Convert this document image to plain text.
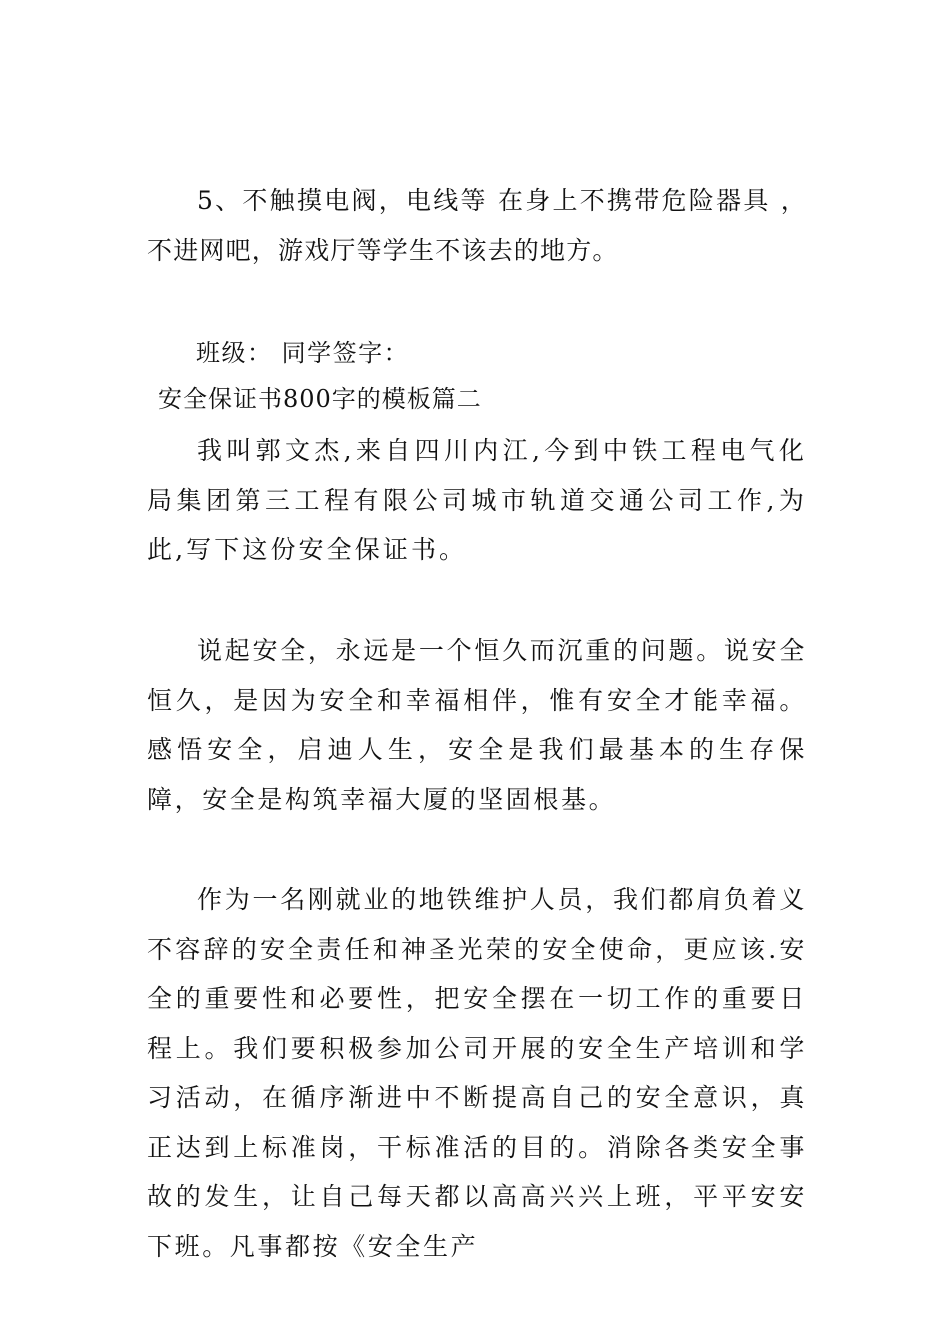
5、不触摸电阀，电线等 在身上不携带危险器具 ，不进网吧，游戏厅等学生不该去的地方。

班级： 同学签字：

安全保证书800字的模板篇二

我叫郭文杰,来自四川内江,今到中铁工程电气化局集团第三工程有限公司城市轨道交通公司工作,为此,写下这份安全保证书。

说起安全，永远是一个恒久而沉重的问题。说安全恒久，是因为安全和幸福相伴，惟有安全才能幸福。感悟安全，启迪人生，安全是我们最基本的生存保障，安全是构筑幸福大厦的坚固根基。

作为一名刚就业的地铁维护人员，我们都肩负着义不容辞的安全责任和神圣光荣的安全使命，更应该.安全的重要性和必要性，把安全摆在一切工作的重要日程上。我们要积极参加公司开展的安全生产培训和学习活动，在循序渐进中不断提高自己的安全意识，真正达到上标准岗，干标准活的目的。消除各类安全事故的发生，让自己每天都以高高兴兴上班，平平安安下班。凡事都按《安全生产
